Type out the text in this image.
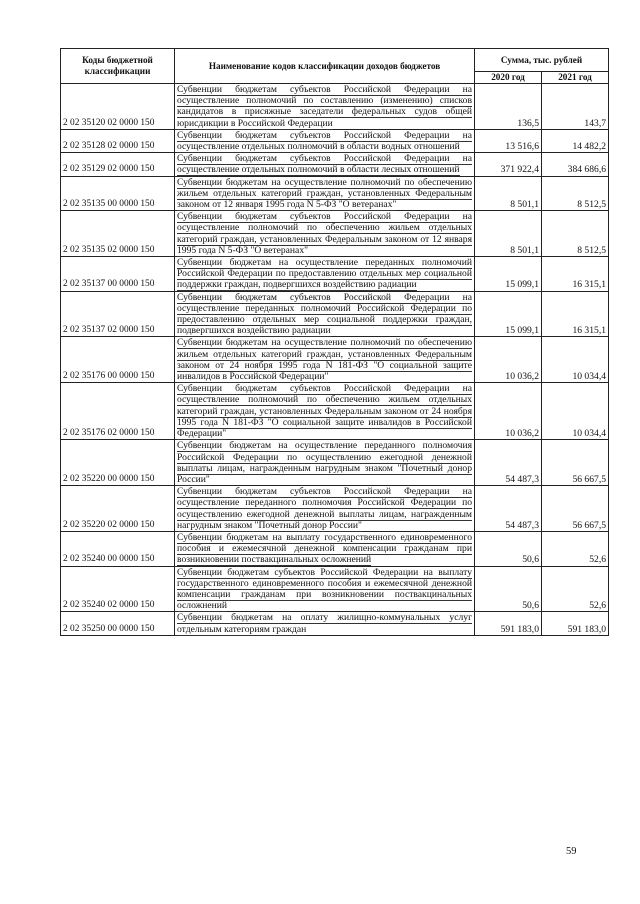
Коды бюджетной классификации	Наименование кодов классификации доходов бюджетов	Сумма, тыс. рублей	
		2020 год	2021 год
2 02 35120 02 0000 150	Субвенции бюджетам субъектов Российской Федерации на осуществление полномочий по составлению (изменению) списков кандидатов в присяжные заседатели федеральных судов общей юрисдикции в Российской Федерации	136,5	143,7
2 02 35128 02 0000 150	Субвенции бюджетам субъектов Российской Федерации на осуществление отдельных полномочий в области водных отношений	13 516,6	14 482,2
2 02 35129 02 0000 150	Субвенции бюджетам субъектов Российской Федерации на осуществление отдельных полномочий в области лесных отношений	371 922,4	384 686,6
2 02 35135 00 0000 150	Субвенции бюджетам на осуществление полномочий по обеспечению жильем отдельных категорий граждан, установленных Федеральным законом от 12 января 1995 года N 5-ФЗ "О ветеранах"	8 501,1	8 512,5
2 02 35135 02 0000 150	Субвенции бюджетам субъектов Российской Федерации на осуществление полномочий по обеспечению жильем отдельных категорий граждан, установленных Федеральным законом от 12 января 1995 года N 5-ФЗ "О ветеранах"	8 501,1	8 512,5
2 02 35137 00 0000 150	Субвенции бюджетам на осуществление переданных полномочий Российской Федерации по предоставлению отдельных мер социальной поддержки граждан, подвергшихся воздействию радиации	15 099,1	16 315,1
2 02 35137 02 0000 150	Субвенции бюджетам субъектов Российской Федерации на осуществление переданных полномочий Российской Федерации по предоставлению отдельных мер социальной поддержки граждан, подвергшихся воздействию радиации	15 099,1	16 315,1
2 02 35176 00 0000 150	Субвенции бюджетам на осуществление полномочий по обеспечению жильем отдельных категорий граждан, установленных Федеральным законом от 24 ноября 1995 года N 181-ФЗ "О социальной защите инвалидов в Российской Федерации"	10 036,2	10 034,4
2 02 35176 02 0000 150	Субвенции бюджетам субъектов Российской Федерации на осуществление полномочий по обеспечению жильем отдельных категорий граждан, установленных Федеральным законом от 24 ноября 1995 года N 181-ФЗ "О социальной защите инвалидов в Российской Федерации"	10 036,2	10 034,4
2 02 35220 00 0000 150	Субвенции бюджетам на осуществление переданного полномочия Российской Федерации по осуществлению ежегодной денежной выплаты лицам, награжденным нагрудным знаком "Почетный донор России"	54 487,3	56 667,5
2 02 35220 02 0000 150	Субвенции бюджетам субъектов Российской Федерации на осуществление переданного полномочия Российской Федерации по осуществлению ежегодной денежной выплаты лицам, награжденным нагрудным знаком "Почетный донор России"	54 487,3	56 667,5
2 02 35240 00 0000 150	Субвенции бюджетам на выплату государственного единовременного пособия и ежемесячной денежной компенсации гражданам при возникновении поствакцинальных осложнений	50,6	52,6
2 02 35240 02 0000 150	Субвенции бюджетам субъектов Российской Федерации на выплату государственного единовременного пособия и ежемесячной денежной компенсации гражданам при возникновении поствакцинальных осложнений	50,6	52,6
2 02 35250 00 0000 150	Субвенции бюджетам на оплату жилищно-коммунальных услуг отдельным категориям граждан	591 183,0	591 183,0
59
